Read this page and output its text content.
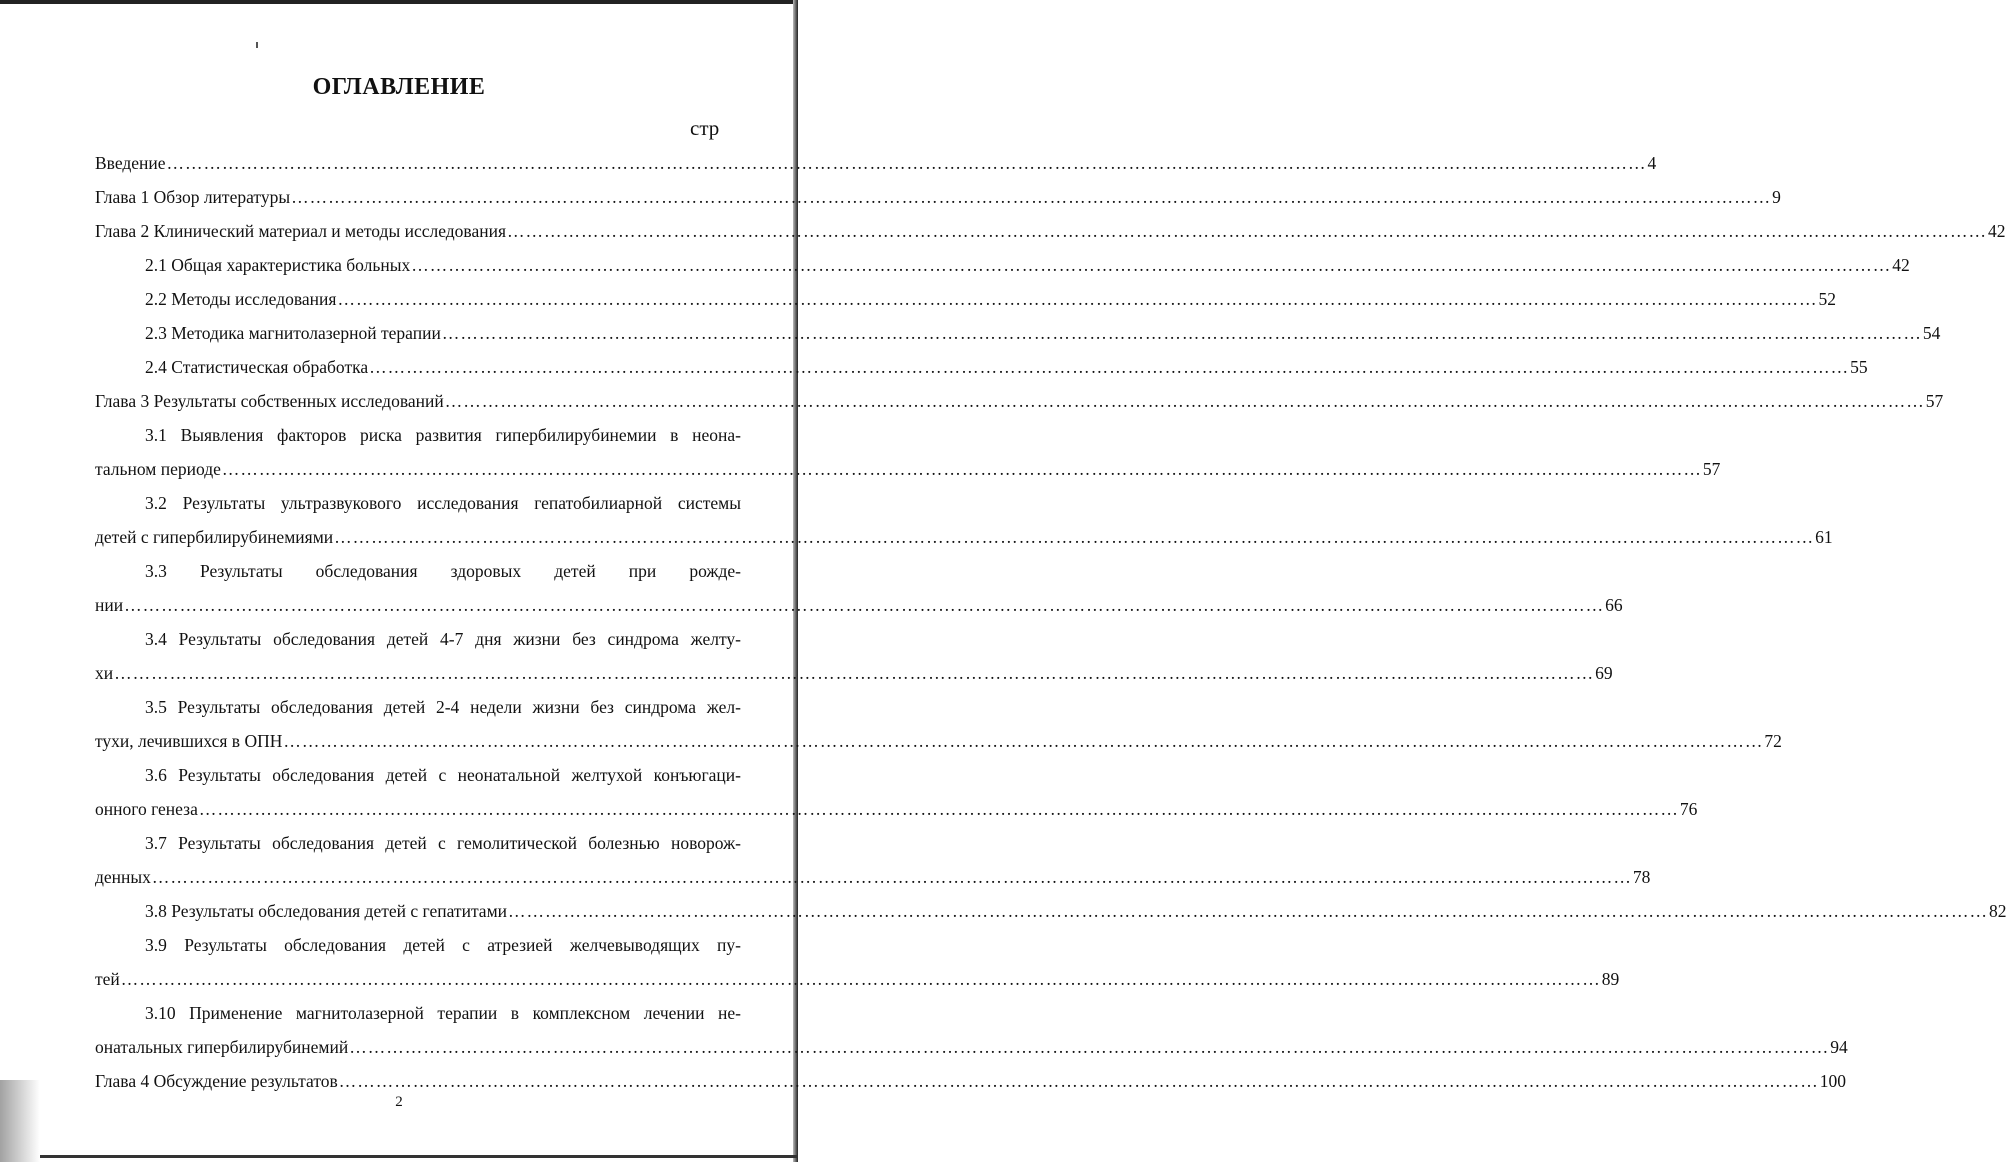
ОГЛАВЛЕНИЕ
стр
Введение …………………………………………………………………………………………………………………………………………………………………………………………………………………… 4
Глава 1 Обзор литературы …………………………………………………………………………………………………………………………………………………………………………………………………………………… 9
Глава 2 Клинический материал и методы исследования …………………………………………………………………………………………………………………………………………………………………………………………………………………… 42
2.1 Общая характеристика больных …………………………………………………………………………………………………………………………………………………………………………………………………………………… 42
2.2 Методы исследования …………………………………………………………………………………………………………………………………………………………………………………………………………………… 52
2.3 Методика магнитолазерной терапии …………………………………………………………………………………………………………………………………………………………………………………………………………………… 54
2.4 Статистическая обработка …………………………………………………………………………………………………………………………………………………………………………………………………………………… 55
Глава 3 Результаты собственных исследований …………………………………………………………………………………………………………………………………………………………………………………………………………………… 57
3.1 Выявления факторов риска развития гипербилирубинемии в неона-
тальном периоде …………………………………………………………………………………………………………………………………………………………………………………………………………………… 57
3.2 Результаты ультразвукового исследования гепатобилиарной системы
детей с гипербилирубинемиями …………………………………………………………………………………………………………………………………………………………………………………………………………………… 61
3.3 Результаты обследования здоровых детей при рожде-
нии …………………………………………………………………………………………………………………………………………………………………………………………………………………… 66
3.4 Результаты обследования детей 4-7 дня жизни без синдрома желту-
хи …………………………………………………………………………………………………………………………………………………………………………………………………………………… 69
3.5 Результаты обследования детей 2-4 недели жизни без синдрома жел-
тухи, лечившихся в ОПН …………………………………………………………………………………………………………………………………………………………………………………………………………………… 72
3.6 Результаты обследования детей с неонатальной желтухой конъюгаци-
онного генеза …………………………………………………………………………………………………………………………………………………………………………………………………………………… 76
3.7 Результаты обследования детей с гемолитической болезнью новорож-
денных …………………………………………………………………………………………………………………………………………………………………………………………………………………… 78
3.8 Результаты обследования детей с гепатитами …………………………………………………………………………………………………………………………………………………………………………………………………………………… 82
3.9 Результаты обследования детей с атрезией желчевыводящих пу-
тей …………………………………………………………………………………………………………………………………………………………………………………………………………………… 89
3.10 Применение магнитолазерной терапии в комплексном лечении не-
онатальных гипербилирубинемий …………………………………………………………………………………………………………………………………………………………………………………………………………………… 94
Глава 4 Обсуждение результатов …………………………………………………………………………………………………………………………………………………………………………………………………………………… 100
2
